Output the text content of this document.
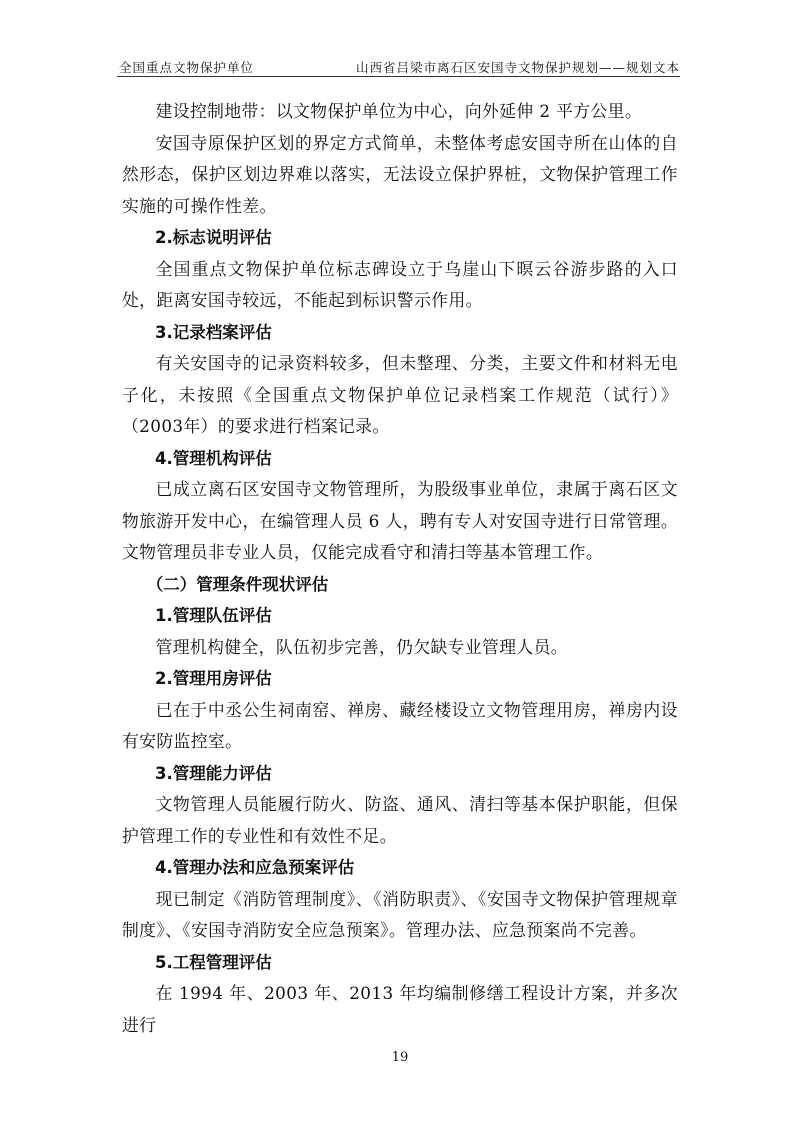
全国重点文物保护单位	山西省吕梁市离石区安国寺文物保护规划——规划文本

建设控制地带：以文物保护单位为中心，向外延伸 2 平方公里。

安国寺原保护区划的界定方式简单，未整体考虑安国寺所在山体的自然形态，保护区划边界难以落实，无法设立保护界桩，文物保护管理工作实施的可操作性差。

2.标志说明评估

全国重点文物保护单位标志碑设立于乌崖山下暝云谷游步路的入口处，距离安国寺较远，不能起到标识警示作用。

3.记录档案评估

有关安国寺的记录资料较多，但未整理、分类，主要文件和材料无电子化，未按照《全国重点文物保护单位记录档案工作规范（试行）》（2003年）的要求进行档案记录。

4.管理机构评估

已成立离石区安国寺文物管理所，为股级事业单位，隶属于离石区文物旅游开发中心，在编管理人员 6 人，聘有专人对安国寺进行日常管理。文物管理员非专业人员，仅能完成看守和清扫等基本管理工作。

（二）管理条件现状评估

1.管理队伍评估

管理机构健全，队伍初步完善，仍欠缺专业管理人员。

2.管理用房评估

已在于中丞公生祠南窑、禅房、藏经楼设立文物管理用房，禅房内设有安防监控室。

3.管理能力评估

文物管理人员能履行防火、防盗、通风、清扫等基本保护职能，但保护管理工作的专业性和有效性不足。

4.管理办法和应急预案评估

现已制定《消防管理制度》、《消防职责》、《安国寺文物保护管理规章制度》、《安国寺消防安全应急预案》。管理办法、应急预案尚不完善。

5.工程管理评估

在 1994 年、2003 年、2013 年均编制修缮工程设计方案，并多次进行

19
